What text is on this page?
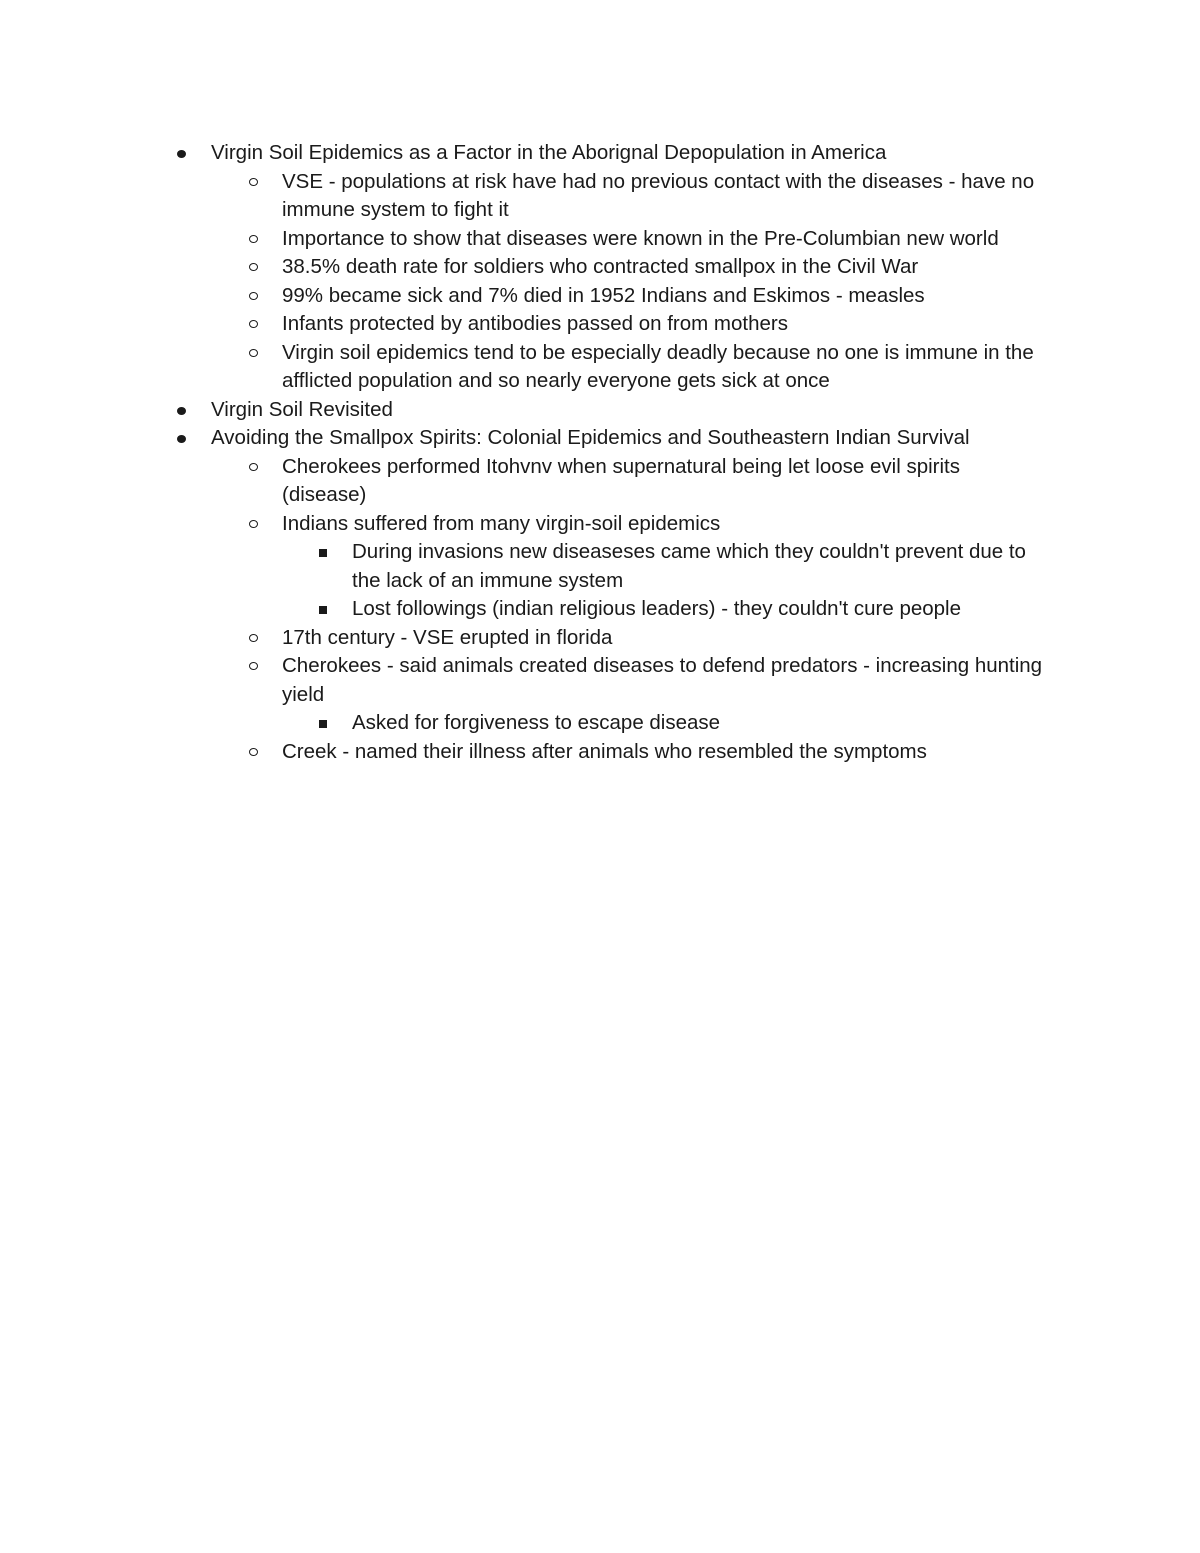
Virgin Soil Epidemics as a Factor in the Aborignal Depopulation in America
VSE - populations at risk have had no previous contact with the diseases - have no immune system to fight it
Importance to show that diseases were known in the Pre-Columbian new world
38.5% death rate for soldiers who contracted smallpox in the Civil War
99% became sick and 7% died in 1952 Indians and Eskimos - measles
Infants protected by antibodies passed on from mothers
Virgin soil epidemics tend to be especially deadly because no one is immune in the afflicted population and so nearly everyone gets sick at once
Virgin Soil Revisited
Avoiding the Smallpox Spirits: Colonial Epidemics and Southeastern Indian Survival
Cherokees performed Itohvnv when supernatural being let loose evil spirits (disease)
Indians suffered from many virgin-soil epidemics
During invasions new diseaseses came which they couldn't prevent due to the lack of an immune system
Lost followings (indian religious leaders) - they couldn't cure people
17th century - VSE erupted in florida
Cherokees - said animals created diseases to defend predators - increasing hunting yield
Asked for forgiveness to escape disease
Creek - named their illness after animals who resembled the symptoms
